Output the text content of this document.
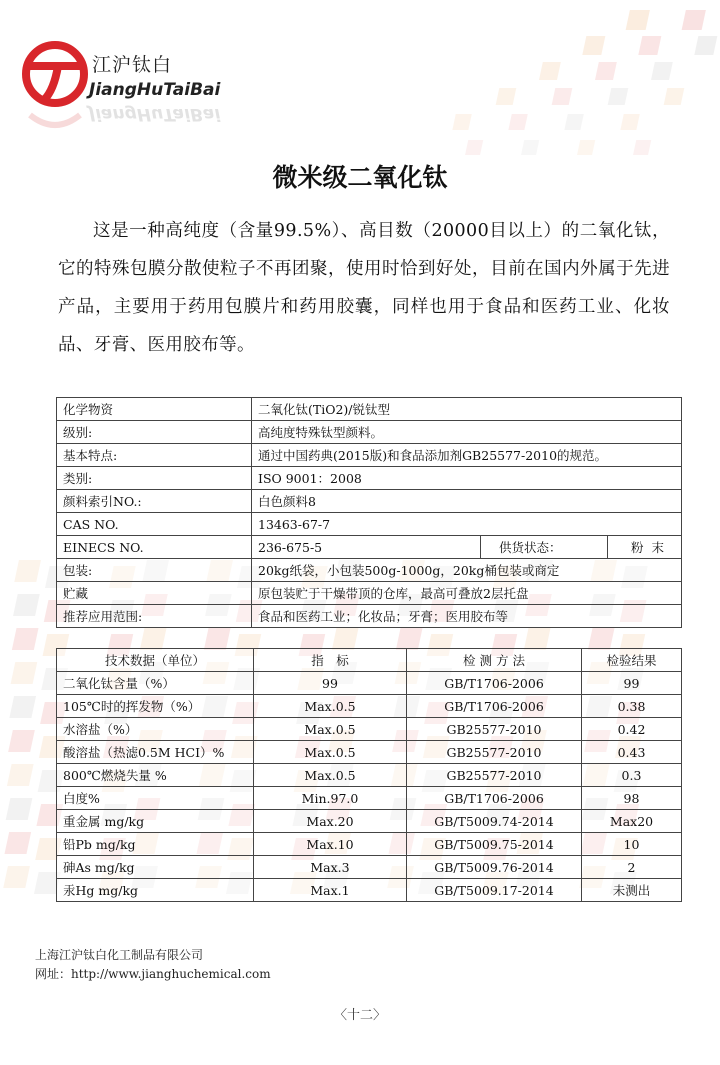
江沪钛白
JiangHuTaiBai
JiangHuTaiBai
微米级二氧化钛
这是一种高纯度（含量99.5%）、高目数（20000目以上）的二氧化钛，它的特殊包膜分散使粒子不再团聚，使用时恰到好处，目前在国内外属于先进产品，主要用于药用包膜片和药用胶囊，同样也用于食品和医药工业、化妆品、牙膏、医用胶布等。
化学物资	二氧化钛(TiO2)/锐钛型		
级别:	高纯度特殊钛型颜料。		
基本特点:	通过中国药典(2015版)和食品添加剂GB25577-2010的规范。		
类别:	ISO 9001：2008		
颜料索引NO.:	白色颜料8		
CAS NO.	13463-67-7		
EINECS NO.	236-675-5	供货状态：	粉  末
包装:	20kg纸袋，小包装500g-1000g，20kg桶包装或商定		
贮藏	原包装贮于干燥带顶的仓库，最高可叠放2层托盘		
推荐应用范围:	食品和医药工业；化妆品；牙膏；医用胶布等		
技术数据（单位）	指　标	检 测 方 法	检验结果
二氧化钛含量（%）	99	GB/T1706-2006	99
105℃时的挥发物（%）	Max.0.5	GB/T1706-2006	0.38
水溶盐（%）	Max.0.5	GB25577-2010	0.42
酸溶盐（热滤0.5M HCI）%	Max.0.5	GB25577-2010	0.43
800℃燃烧失量 %	Max.0.5	GB25577-2010	0.3
白度%	Min.97.0	GB/T1706-2006	98
重金属 mg/kg	Max.20	GB/T5009.74-2014	Max20
铅Pb mg/kg	Max.10	GB/T5009.75-2014	10
砷As mg/kg	Max.3	GB/T5009.76-2014	2
汞Hg mg/kg	Max.1	GB/T5009.17-2014	未测出
上海江沪钛白化工制品有限公司
网址：http://www.jianghuchemical.com
〈十二〉
